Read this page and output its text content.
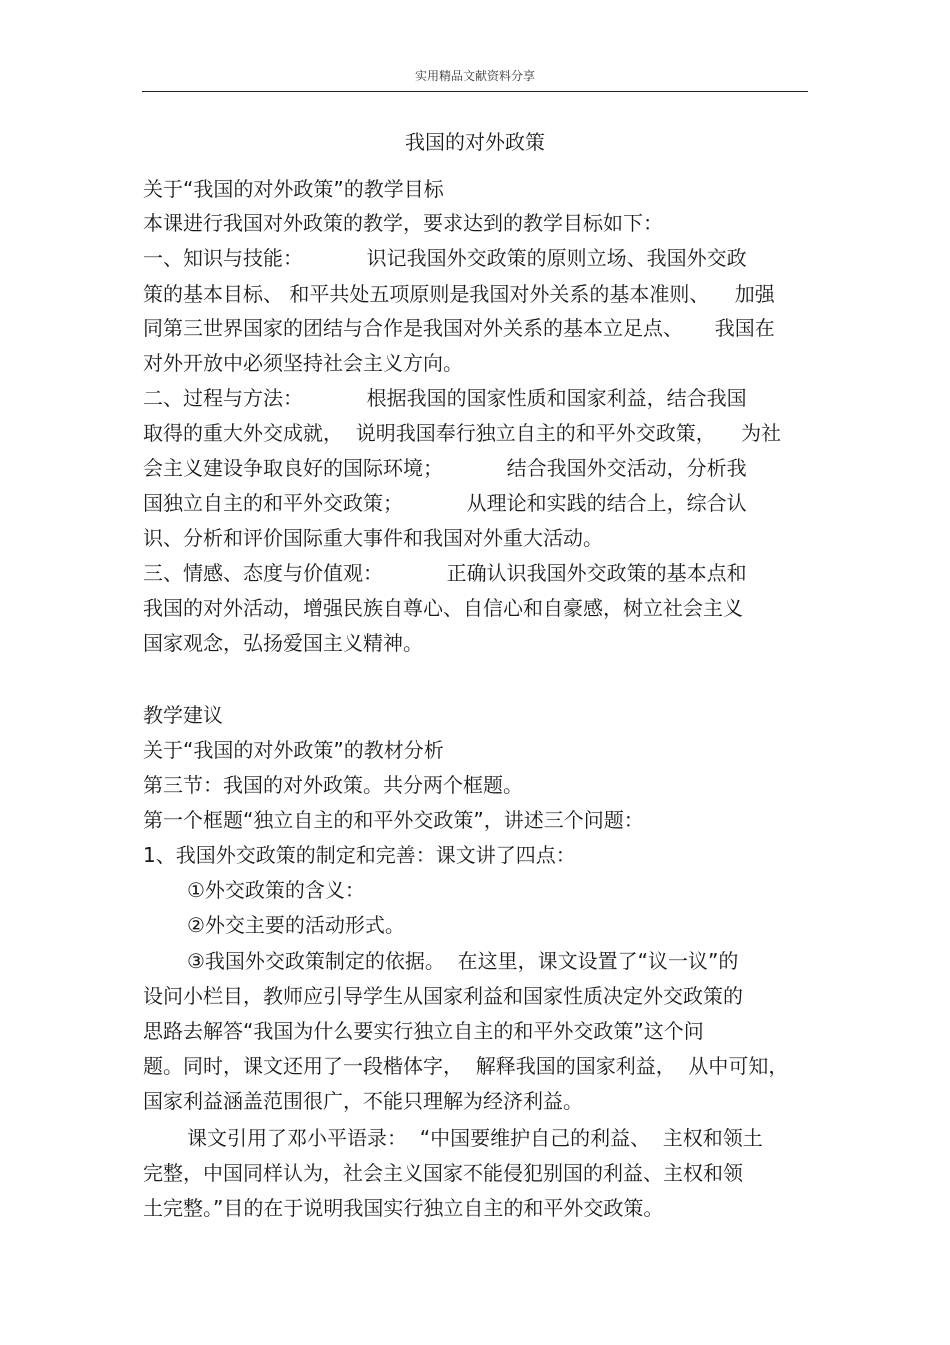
实用精品文献资料分享
我国的对外政策
关于“我国的对外政策”的教学目标
本课进行我国对外政策的教学，要求达到的教学目标如下：
一、知识与技能：          识记我国外交政策的原则立场、我国外交政
策的基本目标、 和平共处五项原则是我国对外关系的基本准则、    加强
同第三世界国家的团结与合作是我国对外关系的基本立足点、     我国在
对外开放中必须坚持社会主义方向。
二、过程与方法：          根据我国的国家性质和国家利益，结合我国
取得的重大外交成就，  说明我国奉行独立自主的和平外交政策，    为社
会主义建设争取良好的国际环境；          结合我国外交活动，分析我
国独立自主的和平外交政策；          从理论和实践的结合上，综合认
识、分析和评价国际重大事件和我国对外重大活动。
三、情感、态度与价值观：          正确认识我国外交政策的基本点和
我国的对外活动，增强民族自尊心、自信心和自豪感，树立社会主义
国家观念，弘扬爱国主义精神。
教学建议
关于“我国的对外政策”的教材分析
第三节：我国的对外政策。共分两个框题。
第一个框题“独立自主的和平外交政策”，讲述三个问题：
1、我国外交政策的制定和完善：课文讲了四点：
①外交政策的含义：
②外交主要的活动形式。
③我国外交政策制定的依据。  在这里，课文设置了“议一议”的
设问小栏目，教师应引导学生从国家利益和国家性质决定外交政策的
思路去解答“我国为什么要实行独立自主的和平外交政策”这个问
题。同时，课文还用了一段楷体字，  解释我国的国家利益，  从中可知，
国家利益涵盖范围很广，不能只理解为经济利益。
课文引用了邓小平语录：  “中国要维护自己的利益、  主权和领土
完整，中国同样认为，社会主义国家不能侵犯别国的利益、主权和领
土完整。”目的在于说明我国实行独立自主的和平外交政策。
